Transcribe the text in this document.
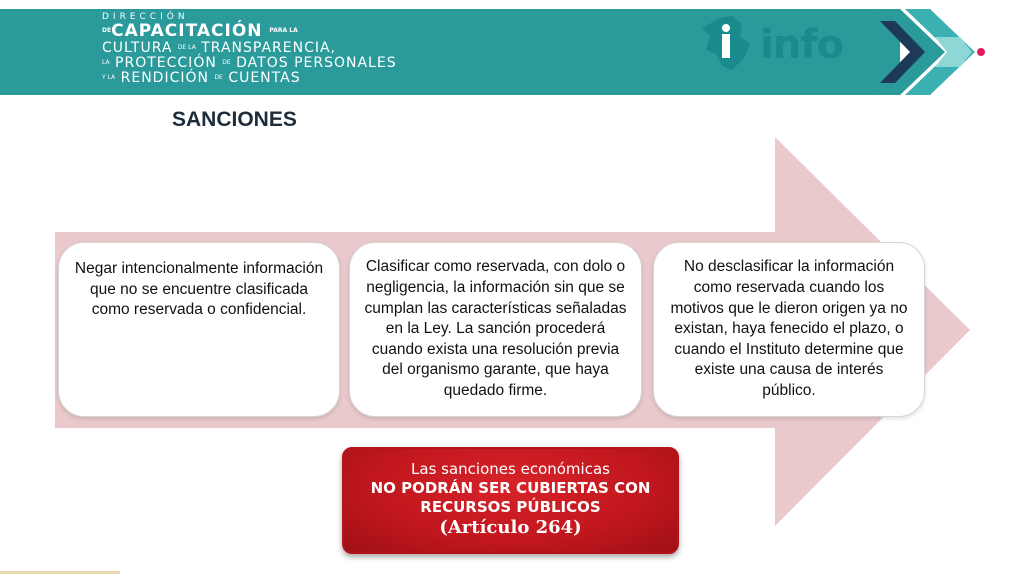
DIRECCIÓN
DECAPACITACIÓN PARA LA
CULTURA DE LA TRANSPARENCIA,
LA PROTECCIÓN DE DATOS PERSONALES
Y LA RENDICIÓN DE CUENTAS
info
SANCIONES
Negar intencionalmente información que no se encuentre clasificada como reservada o confidencial.
Clasificar como reservada, con dolo o negligencia, la información sin que se cumplan las características señaladas en la Ley. La sanción procederá cuando exista una resolución previa del organismo garante, que haya quedado firme.
No desclasificar la información como reservada cuando los motivos que le dieron origen ya no existan, haya fenecido el plazo, o cuando el Instituto determine que existe una causa de interés público.
Las sanciones económicas
NO PODRÁN SER CUBIERTAS CON
RECURSOS PÚBLICOS
(Artículo 264)
